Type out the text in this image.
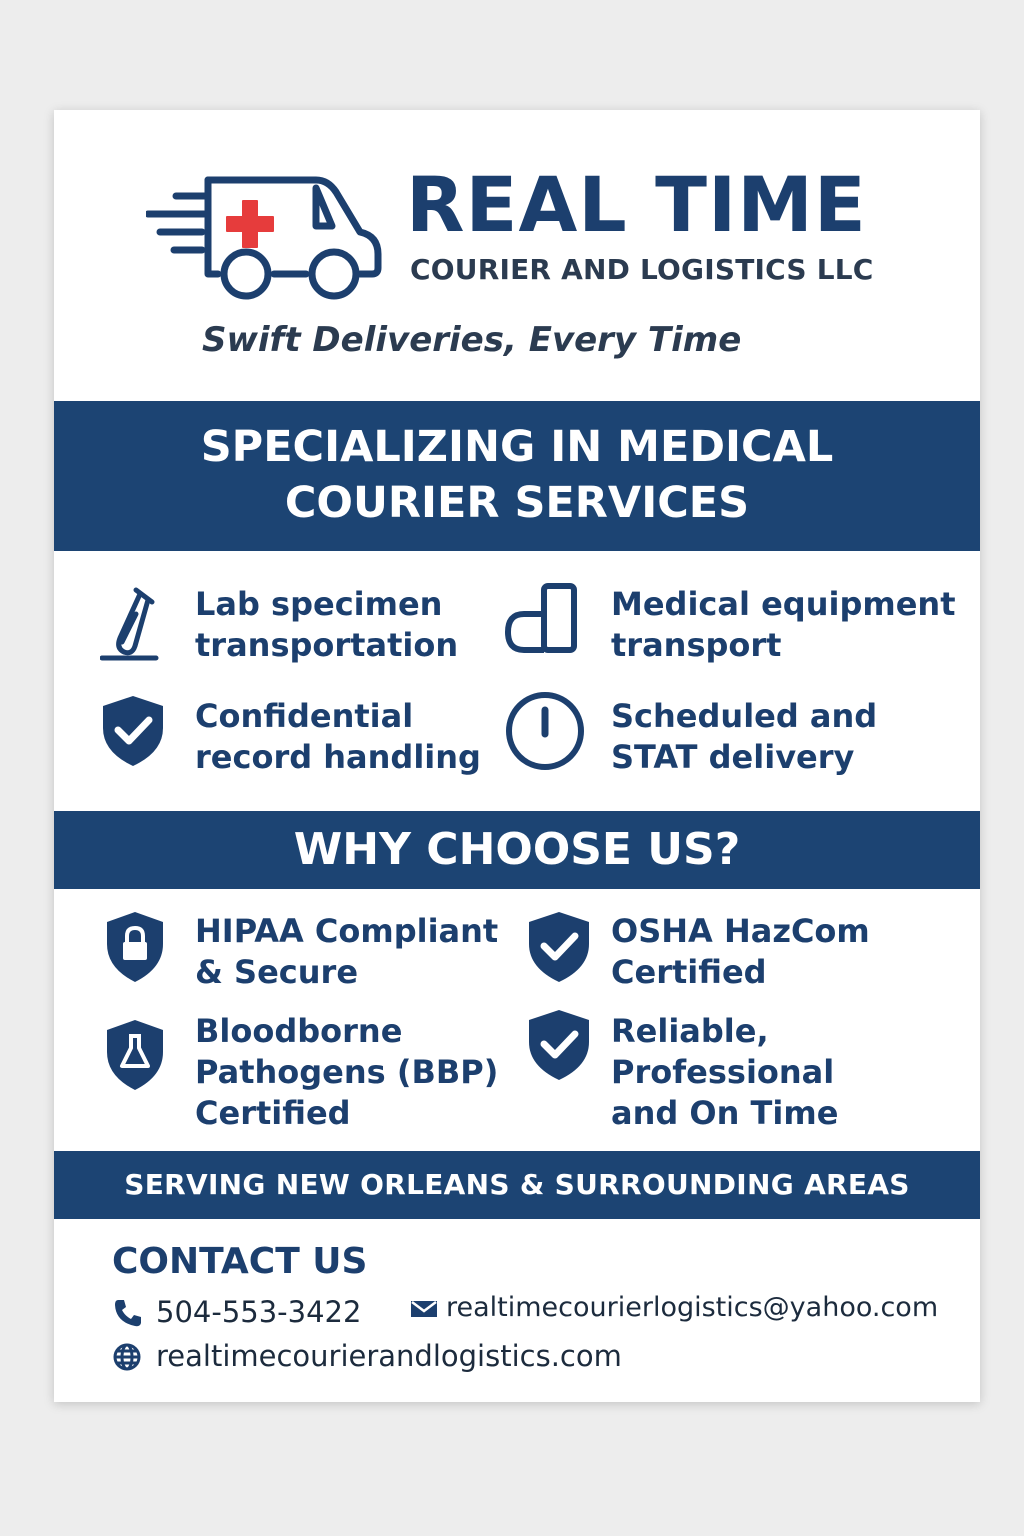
REAL TIME
COURIER AND LOGISTICS LLC
Swift Deliveries, Every Time
SPECIALIZING IN MEDICAL
COURIER SERVICES
Lab specimen
transportation
Medical equipment
transport
Confidential
record handling
Scheduled and
STAT delivery
WHY CHOOSE US?
HIPAA Compliant
& Secure
OSHA HazCom
Certified
Bloodborne
Pathogens (BBP)
Certified
Reliable,
Professional
and On Time
SERVING NEW ORLEANS & SURROUNDING AREAS
CONTACT US
504-553-3422	realtimecourierlogistics@yahoo.com
realtimecourierandlogistics.com
